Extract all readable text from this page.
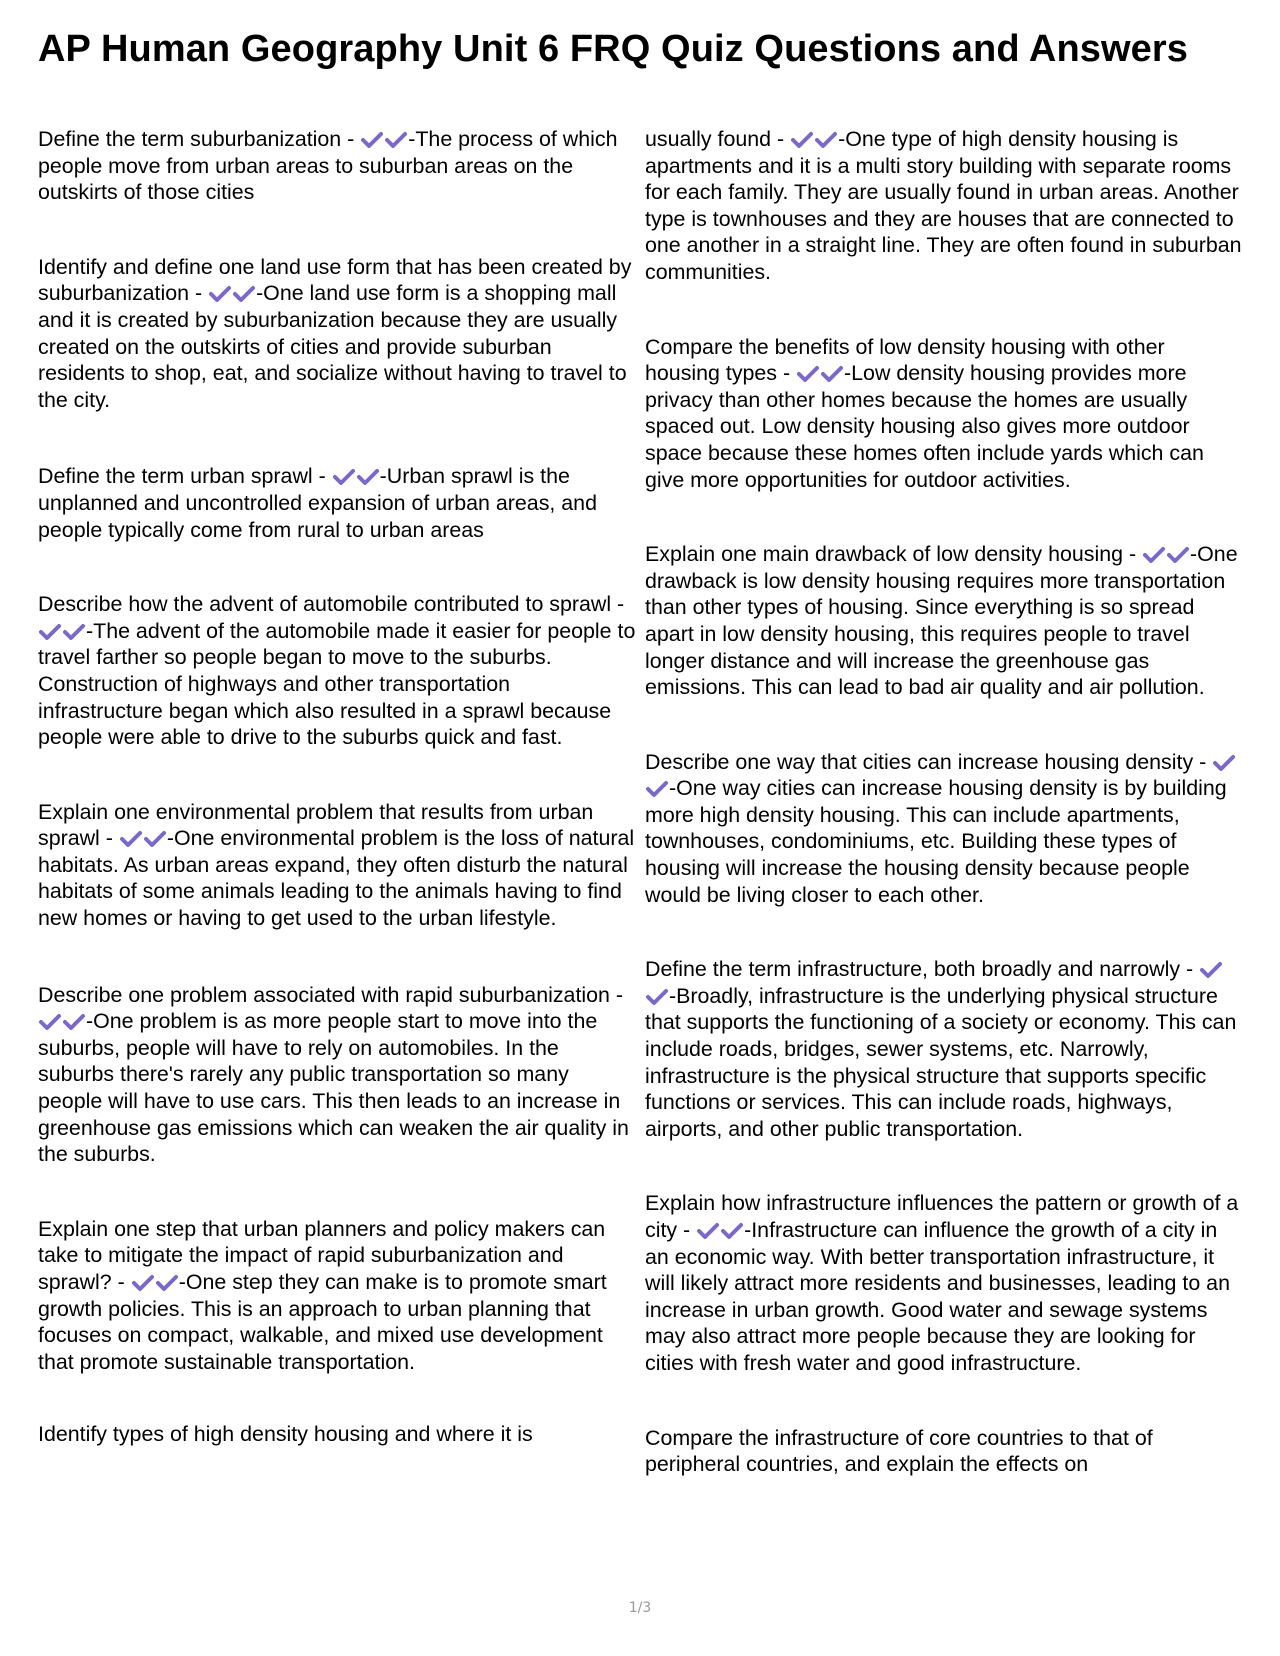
AP Human Geography Unit 6 FRQ Quiz Questions and Answers
Define the term suburbanization -	-The process of which people move from urban areas to suburban areas on the outskirts of those cities
Identify and define one land use form that has been created by suburbanization -	-One land use form is a shopping mall and it is created by suburbanization because they are usually created on the outskirts of cities and provide suburban residents to shop, eat, and socialize without having to travel to the city.
Define the term urban sprawl -	-Urban sprawl is the unplanned and uncontrolled expansion of urban areas, and people typically come from rural to urban areas
Describe how the advent of automobile contributed to sprawl -
-The advent of the automobile made it easier for people to travel farther so people began to move to the suburbs. Construction of highways and other transportation infrastructure began which also resulted in a sprawl because people were able to drive to the suburbs quick and fast.
Explain one environmental problem that results from urban sprawl -	-One environmental problem is the loss of natural habitats. As urban areas expand, they often disturb the natural habitats of some animals leading to the animals having to find new homes or having to get used to the urban lifestyle.
Describe one problem associated with rapid suburbanization -
-One problem is as more people start to move into the suburbs, people will have to rely on automobiles. In the suburbs there's rarely any public transportation so many people will have to use cars. This then leads to an increase in greenhouse gas emissions which can weaken the air quality in the suburbs.
Explain one step that urban planners and policy makers can take to mitigate the impact of rapid suburbanization and sprawl? -	-One step they can make is to promote smart growth policies. This is an approach to urban planning that focuses on compact, walkable, and mixed use development that promote sustainable transportation.
Identify types of high density housing and where it is
usually found -	-One type of high density housing is apartments and it is a multi story building with separate rooms for each family. They are usually found in urban areas. Another type is townhouses and they are houses that are connected to one another in a straight line. They are often found in suburban communities.
Compare the benefits of low density housing with other housing types -	-Low density housing provides more privacy than other homes because the homes are usually spaced out. Low density housing also gives more outdoor space because these homes often include yards which can give more opportunities for outdoor activities.
Explain one main drawback of low density housing -	-One drawback is low density housing requires more transportation than other types of housing. Since everything is so spread apart in low density housing, this requires people to travel longer distance and will increase the greenhouse gas emissions. This can lead to bad air quality and air pollution.
Describe one way that cities can increase housing density -
-One way cities can increase housing density is by building more high density housing. This can include apartments, townhouses, condominiums, etc. Building these types of housing will increase the housing density because people would be living closer to each other.
Define the term infrastructure, both broadly and narrowly -
-Broadly, infrastructure is the underlying physical structure that supports the functioning of a society or economy. This can include roads, bridges, sewer systems, etc. Narrowly, infrastructure is the physical structure that supports specific functions or services. This can include roads, highways, airports, and other public transportation.
Explain how infrastructure influences the pattern or growth of a city -	-Infrastructure can influence the growth of a city in an economic way. With better transportation infrastructure, it will likely attract more residents and businesses, leading to an increase in urban growth. Good water and sewage systems may also attract more people because they are looking for cities with fresh water and good infrastructure.
Compare the infrastructure of core countries to that of peripheral countries, and explain the effects on
1/3
